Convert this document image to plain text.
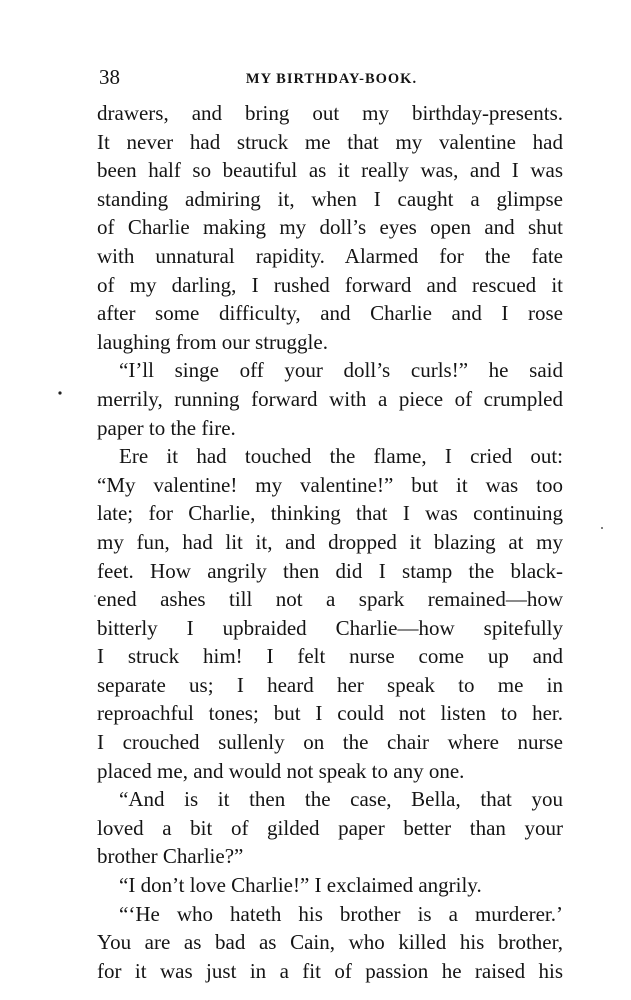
38	MY BIRTHDAY-BOOK.
drawers, and bring out my birthday-presents.
It never had struck me that my valentine had
been half so beautiful as it really was, and I was
standing admiring it, when I caught a glimpse
of Charlie making my doll’s eyes open and shut
with unnatural rapidity. Alarmed for the fate
of my darling, I rushed forward and rescued it
after some difficulty, and Charlie and I rose
laughing from our struggle.
“I’ll singe off your doll’s curls!” he said
merrily, running forward with a piece of crumpled
paper to the fire.
Ere it had touched the flame, I cried out:
“My valentine! my valentine!” but it was too
late; for Charlie, thinking that I was continuing
my fun, had lit it, and dropped it blazing at my
feet. How angrily then did I stamp the black-
ened ashes till not a spark remained—how
bitterly I upbraided Charlie—how spitefully
I struck him! I felt nurse come up and
separate us; I heard her speak to me in
reproachful tones; but I could not listen to her.
I crouched sullenly on the chair where nurse
placed me, and would not speak to any one.
“And is it then the case, Bella, that you
loved a bit of gilded paper better than your
brother Charlie?”
“I don’t love Charlie!” I exclaimed angrily.
“‘He who hateth his brother is a murderer.’
You are as bad as Cain, who killed his brother,
for it was just in a fit of passion he raised his
